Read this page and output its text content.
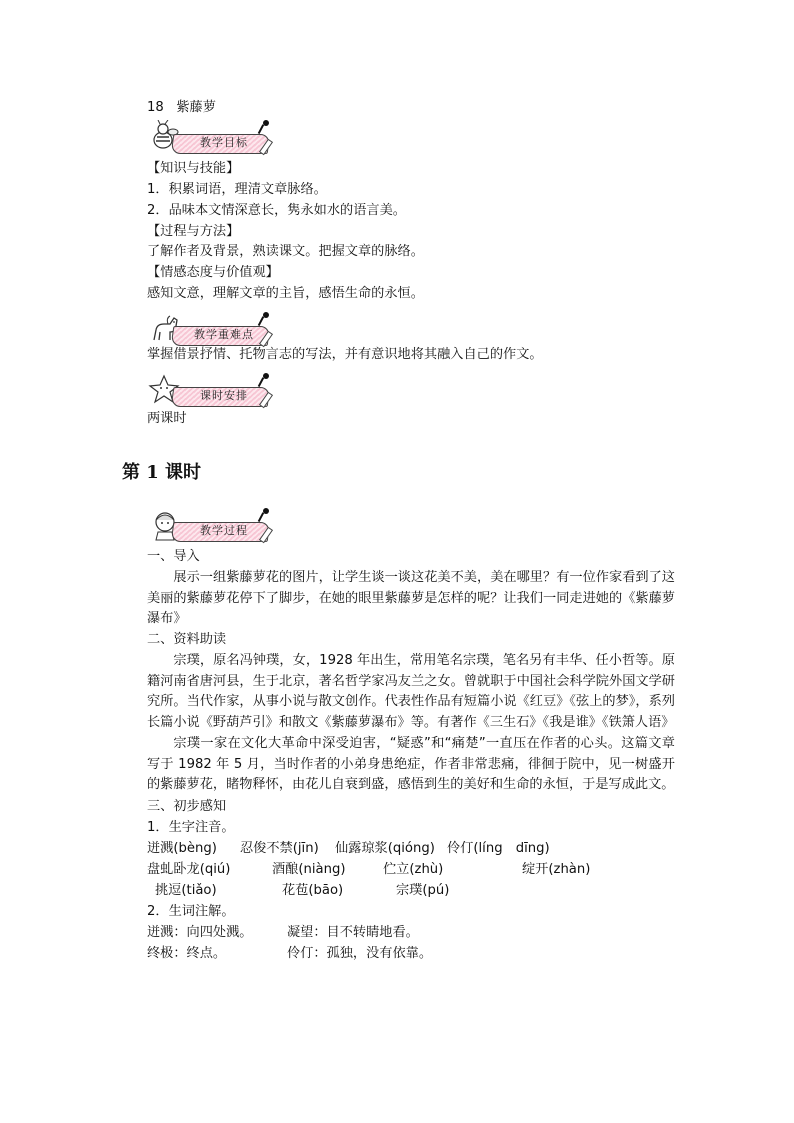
18 紫藤萝
教学目标
【知识与技能】
1．积累词语，理清文章脉络。
2．品味本文情深意长，隽永如水的语言美。
【过程与方法】
了解作者及背景，熟读课文。把握文章的脉络。
【情感态度与价值观】
感知文意，理解文章的主旨，感悟生命的永恒。
教学重难点
掌握借景抒情、托物言志的写法，并有意识地将其融入自己的作文。
课时安排
两课时
第 1 课时
教学过程
一、导入
展示一组紫藤萝花的图片，让学生谈一谈这花美不美，美在哪里？有一位作家看到了这美丽的紫藤萝花停下了脚步，在她的眼里紫藤萝是怎样的呢？让我们一同走进她的《紫藤萝瀑布》
二、资料助读
宗璞，原名冯钟璞，女，1928 年出生，常用笔名宗璞，笔名另有丰华、任小哲等。原籍河南省唐河县，生于北京，著名哲学家冯友兰之女。曾就职于中国社会科学院外国文学研究所。当代作家，从事小说与散文创作。代表性作品有短篇小说《红豆》《弦上的梦》，系列长篇小说《野葫芦引》和散文《紫藤萝瀑布》等。有著作《三生石》《我是谁》《铁箫人语》
宗璞一家在文化大革命中深受迫害，“疑惑”和“痛楚”一直压在作者的心头。这篇文章写于 1982 年 5 月，当时作者的小弟身患绝症，作者非常悲痛，徘徊于院中，见一树盛开的紫藤萝花，睹物释怀，由花儿自衰到盛，感悟到生的美好和生命的永恒，于是写成此文。
三、初步感知
1．生字注音。
迸溅(bèng) 忍俊不禁(jīn) 仙露琼浆(qióng) 伶仃(líng　dīng)
盘虬卧龙(qiú)	酒酿(niàng)	伫立(zhù)	绽开(zhàn)
挑逗(tiǎo)	花苞(bāo)	宗璞(pú)
2．生词注解。
迸溅：向四处溅。	凝望：目不转睛地看。
终极：终点。	伶仃：孤独，没有依靠。
